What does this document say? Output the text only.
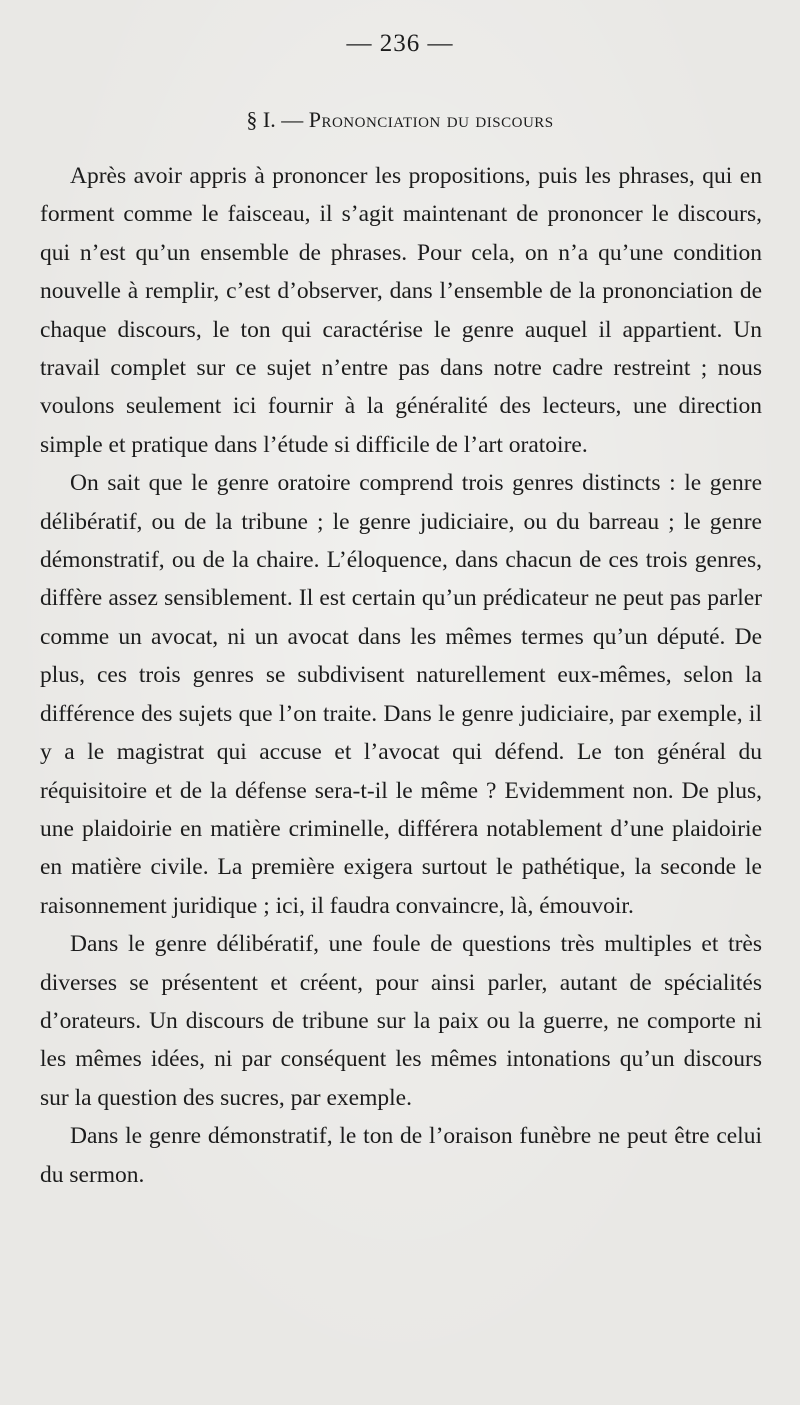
— 236 —
§ I. — Prononciation du discours

Après avoir appris à prononcer les propositions, puis les phrases, qui en forment comme le faisceau, il s’agit maintenant de prononcer le discours, qui n’est qu’un ensemble de phrases. Pour cela, on n’a qu’une condition nouvelle à remplir, c’est d’observer, dans l’ensemble de la prononciation de chaque discours, le ton qui caractérise le genre auquel il appartient. Un travail complet sur ce sujet n’entre pas dans notre cadre restreint ; nous voulons seulement ici fournir à la généralité des lecteurs, une direction simple et pratique dans l’étude si difficile de l’art oratoire.

On sait que le genre oratoire comprend trois genres distincts : le genre délibératif, ou de la tribune ; le genre judiciaire, ou du barreau ; le genre démonstratif, ou de la chaire. L’éloquence, dans chacun de ces trois genres, diffère assez sensiblement. Il est certain qu’un prédicateur ne peut pas parler comme un avocat, ni un avocat dans les mêmes termes qu’un député. De plus, ces trois genres se subdivisent naturellement eux-mêmes, selon la différence des sujets que l’on traite. Dans le genre judiciaire, par exemple, il y a le magistrat qui accuse et l’avocat qui défend. Le ton général du réquisitoire et de la défense sera-t-il le même ? Evidemment non. De plus, une plaidoirie en matière criminelle, différera notablement d’une plaidoirie en matière civile. La première exigera surtout le pathétique, la seconde le raisonnement juridique ; ici, il faudra convaincre, là, émouvoir.

Dans le genre délibératif, une foule de questions très multiples et très diverses se présentent et créent, pour ainsi parler, autant de spécialités d’orateurs. Un discours de tribune sur la paix ou la guerre, ne comporte ni les mêmes idées, ni par conséquent les mêmes intonations qu’un discours sur la question des sucres, par exemple.

Dans le genre démonstratif, le ton de l’oraison funèbre ne peut être celui du sermon.
